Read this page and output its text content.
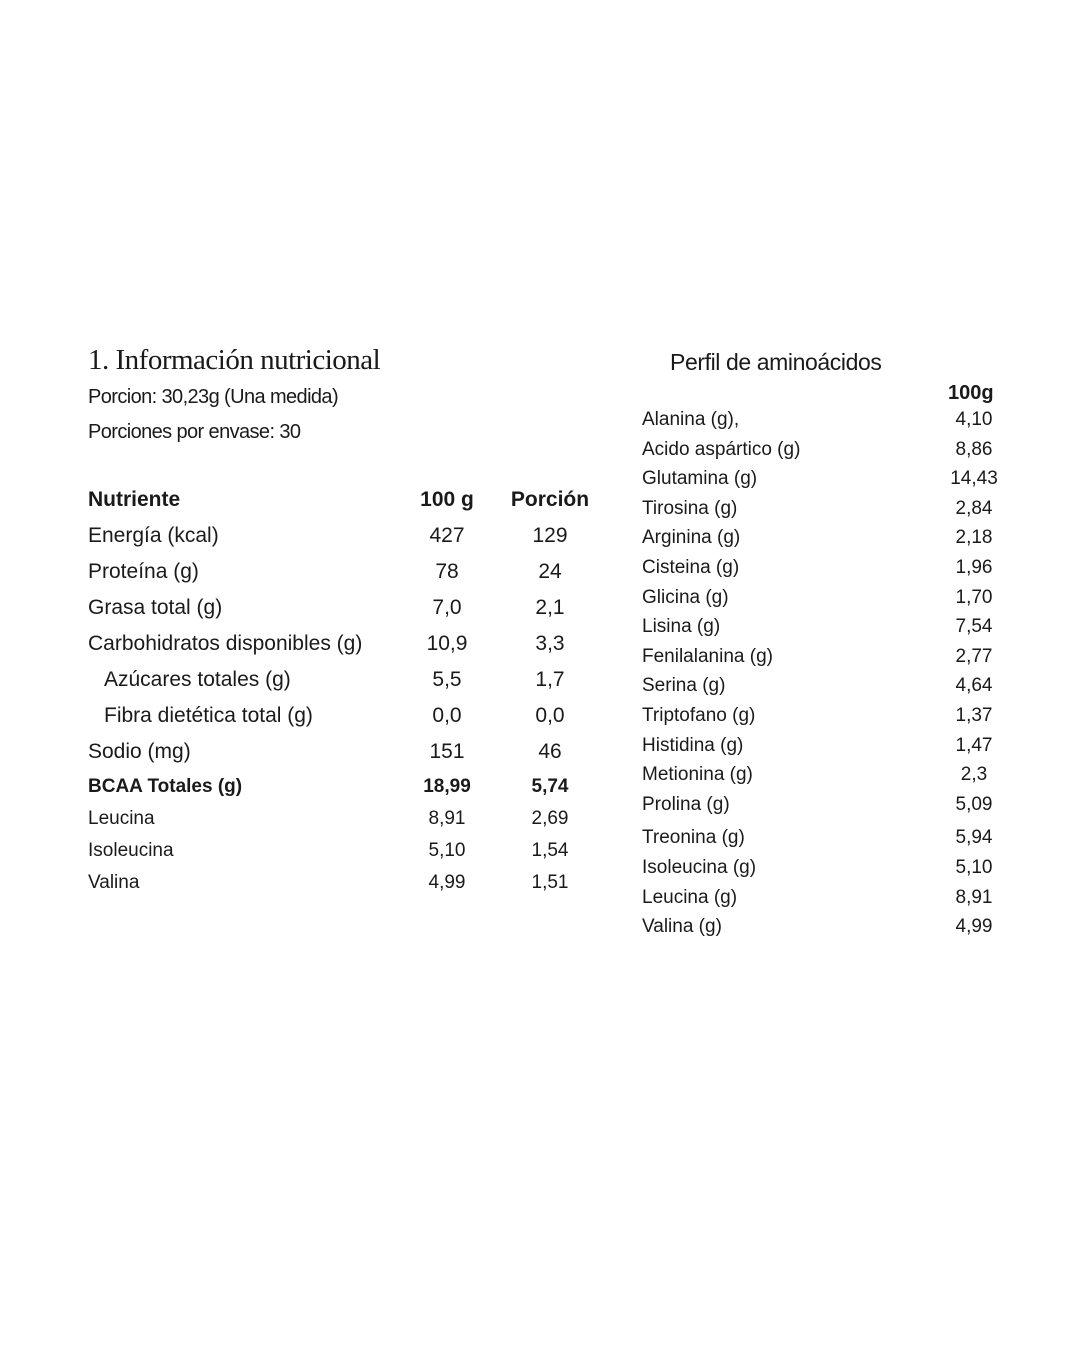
1. Información nutricional
Porcion: 30,23g (Una medida)
Porciones por envase: 30
Nutriente	100 g Porción
Energía (kcal)	427	129
Proteína (g)	78	24
Grasa total (g)	7,0	2,1
Carbohidratos disponibles (g)	10,9	3,3
Azúcares totales (g)	5,5	1,7
Fibra dietética total (g)	0,0	0,0
Sodio (mg)	151	46
BCAA Totales (g)	18,99	5,74
Leucina	8,91	2,69
Isoleucina	5,10	1,54
Valina	4,99	1,51
Perfil de aminoácidos
100g
Alanina (g),	4,10
Acido aspártico (g)	8,86
Glutamina (g)	14,43
Tirosina (g)	2,84
Arginina (g)	2,18
Cisteina (g)	1,96
Glicina (g)	1,70
Lisina (g)	7,54
Fenilalanina (g)	2,77
Serina (g)	4,64
Triptofano (g)	1,37
Histidina (g)	1,47
Metionina (g)	2,3
Prolina (g)	5,09
Treonina (g)	5,94
Isoleucina (g)	5,10
Leucina (g)	8,91
Valina (g)	4,99
